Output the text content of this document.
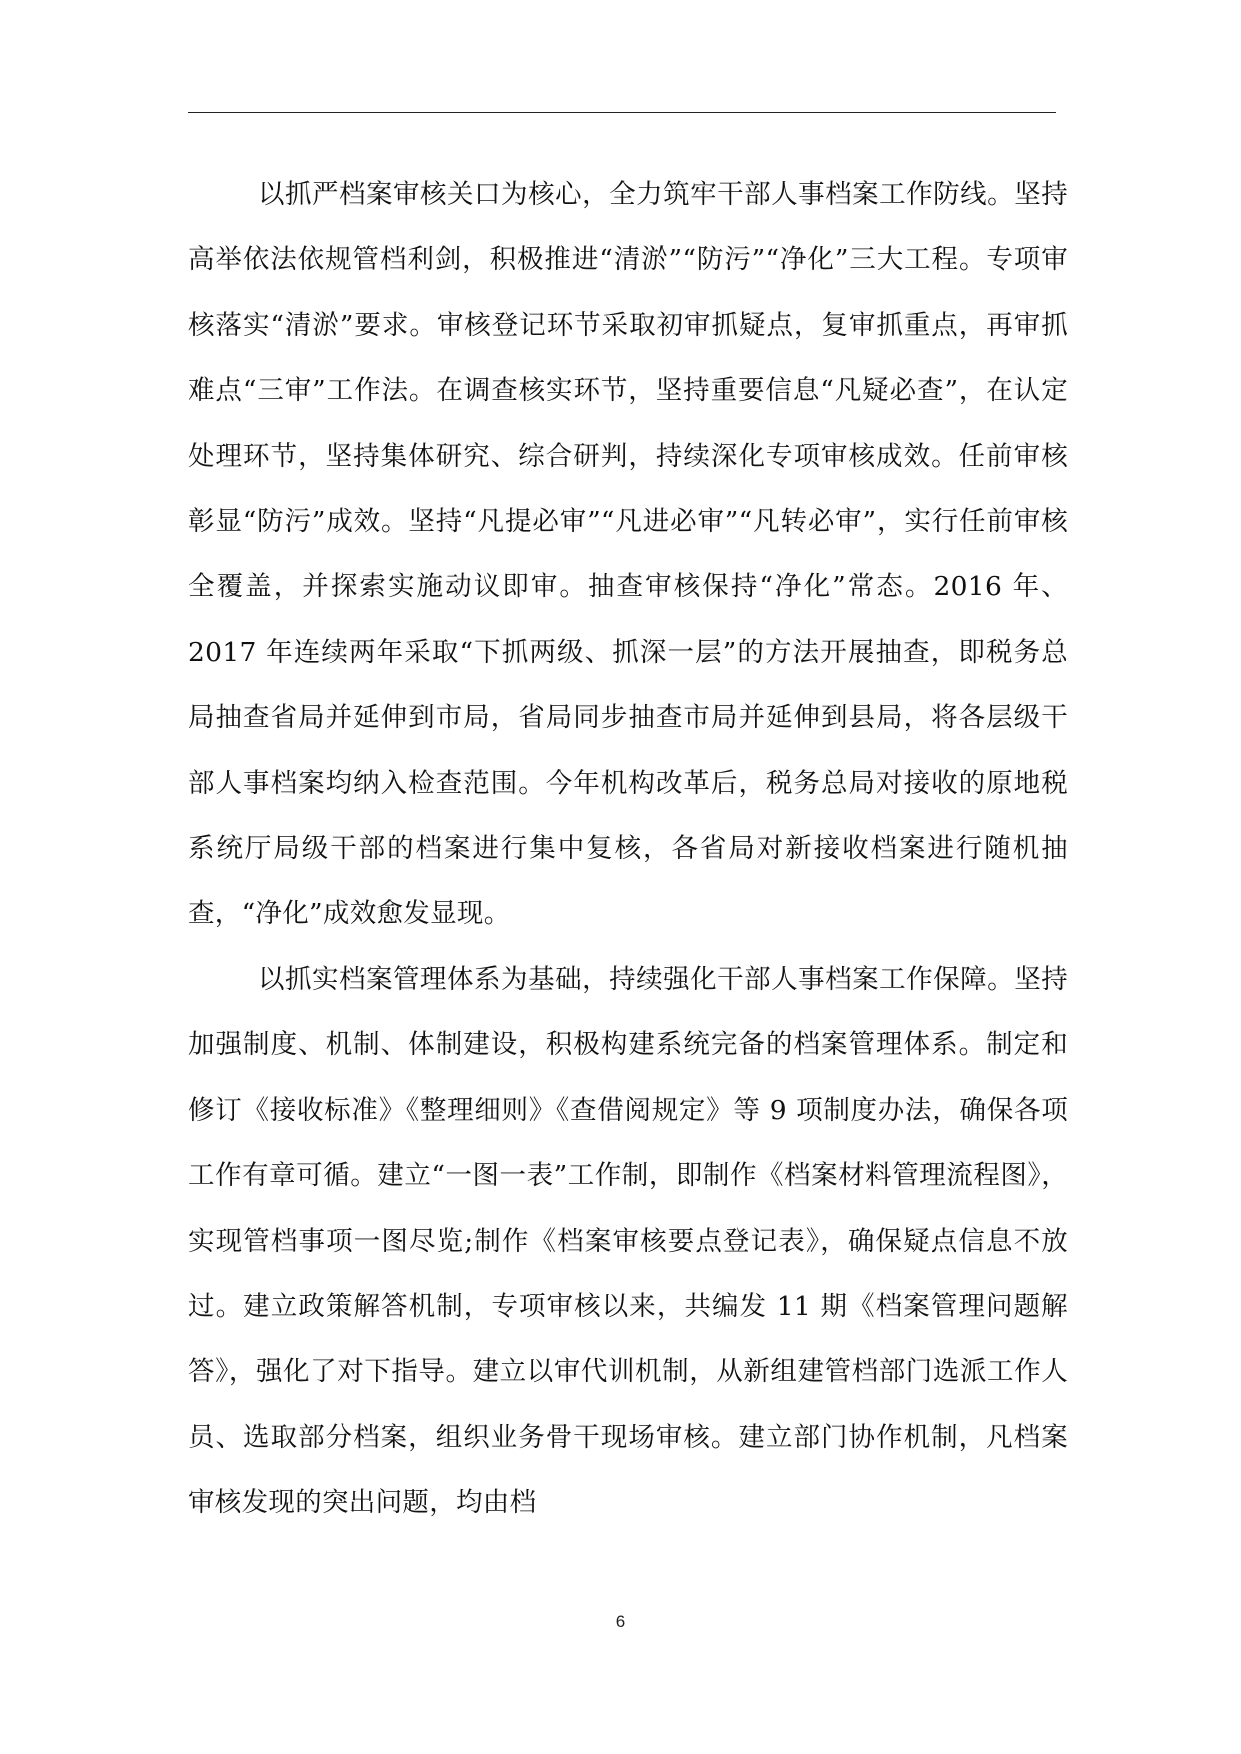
以抓严档案审核关口为核心，全力筑牢干部人事档案工作防线。坚持高举依法依规管档利剑，积极推进“清淤”“防污”“净化”三大工程。专项审核落实“清淤”要求。审核登记环节采取初审抓疑点，复审抓重点，再审抓难点“三审”工作法。在调查核实环节，坚持重要信息“凡疑必查”，在认定处理环节，坚持集体研究、综合研判，持续深化专项审核成效。任前审核彰显“防污”成效。坚持“凡提必审”“凡进必审”“凡转必审”，实行任前审核全覆盖，并探索实施动议即审。抽查审核保持“净化”常态。2016 年、2017 年连续两年采取“下抓两级、抓深一层”的方法开展抽查，即税务总局抽查省局并延伸到市局，省局同步抽查市局并延伸到县局，将各层级干部人事档案均纳入检查范围。今年机构改革后，税务总局对接收的原地税系统厅局级干部的档案进行集中复核，各省局对新接收档案进行随机抽查，“净化”成效愈发显现。

以抓实档案管理体系为基础，持续强化干部人事档案工作保障。坚持加强制度、机制、体制建设，积极构建系统完备的档案管理体系。制定和修订《接收标准》《整理细则》《查借阅规定》等 9 项制度办法，确保各项工作有章可循。建立“一图一表”工作制，即制作《档案材料管理流程图》，实现管档事项一图尽览;制作《档案审核要点登记表》，确保疑点信息不放过。建立政策解答机制，专项审核以来，共编发 11 期《档案管理问题解答》，强化了对下指导。建立以审代训机制，从新组建管档部门选派工作人员、选取部分档案，组织业务骨干现场审核。建立部门协作机制，凡档案审核发现的突出问题，均由档

6
